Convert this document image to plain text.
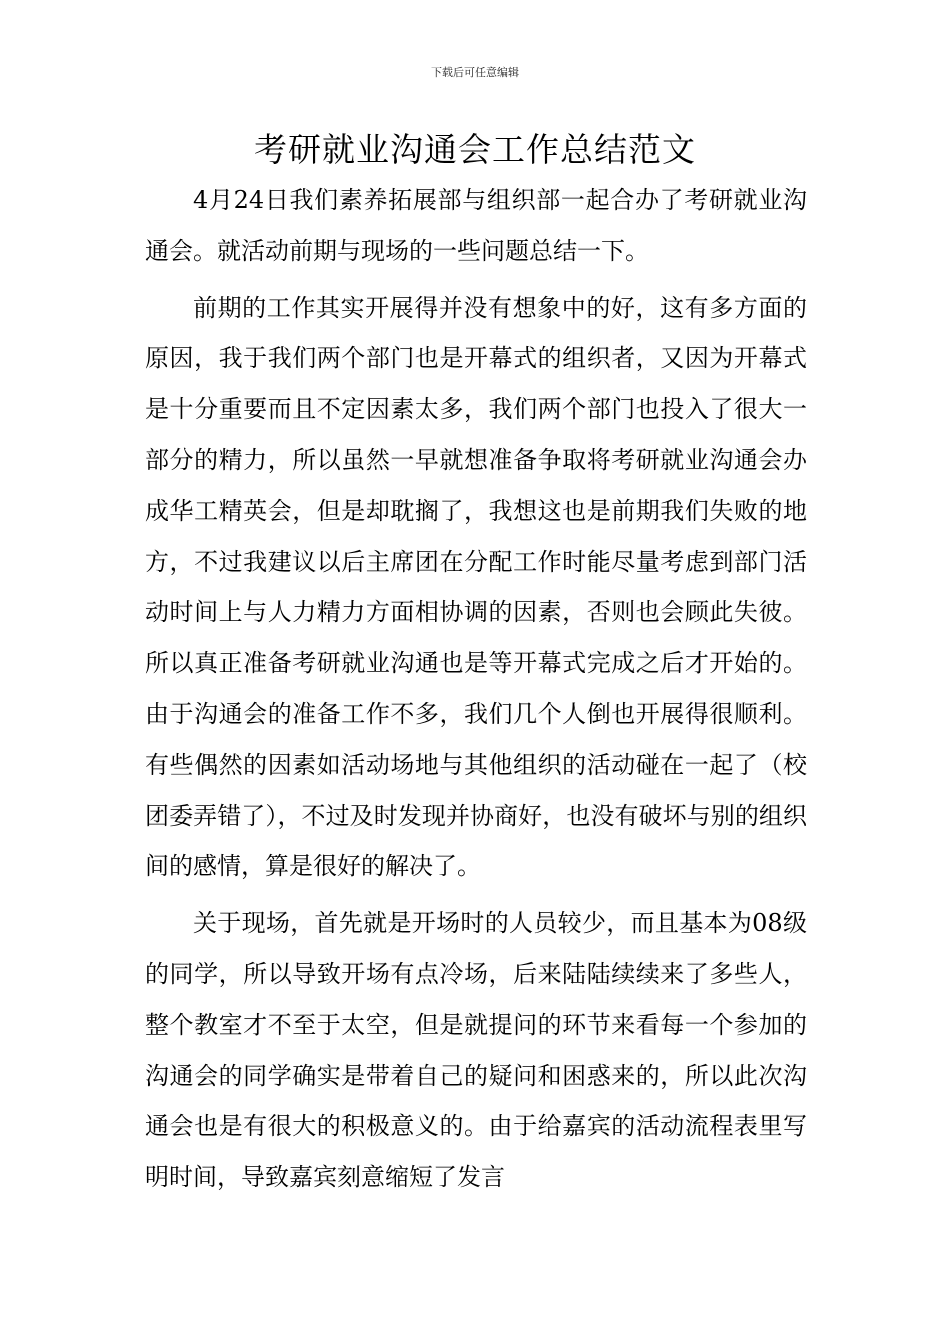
下载后可任意编辑
考研就业沟通会工作总结范文

4月24日我们素养拓展部与组织部一起合办了考研就业沟通会。就活动前期与现场的一些问题总结一下。

前期的工作其实开展得并没有想象中的好，这有多方面的原因，我于我们两个部门也是开幕式的组织者，又因为开幕式是十分重要而且不定因素太多，我们两个部门也投入了很大一部分的精力，所以虽然一早就想准备争取将考研就业沟通会办成华工精英会，但是却耽搁了，我想这也是前期我们失败的地方，不过我建议以后主席团在分配工作时能尽量考虑到部门活动时间上与人力精力方面相协调的因素，否则也会顾此失彼。所以真正准备考研就业沟通也是等开幕式完成之后才开始的。由于沟通会的准备工作不多，我们几个人倒也开展得很顺利。有些偶然的因素如活动场地与其他组织的活动碰在一起了（校团委弄错了），不过及时发现并协商好，也没有破坏与别的组织间的感情，算是很好的解决了。

关于现场，首先就是开场时的人员较少，而且基本为08级的同学，所以导致开场有点冷场，后来陆陆续续来了多些人，整个教室才不至于太空，但是就提问的环节来看每一个参加的沟通会的同学确实是带着自己的疑问和困惑来的，所以此次沟通会也是有很大的积极意义的。由于给嘉宾的活动流程表里写明时间，导致嘉宾刻意缩短了发言
